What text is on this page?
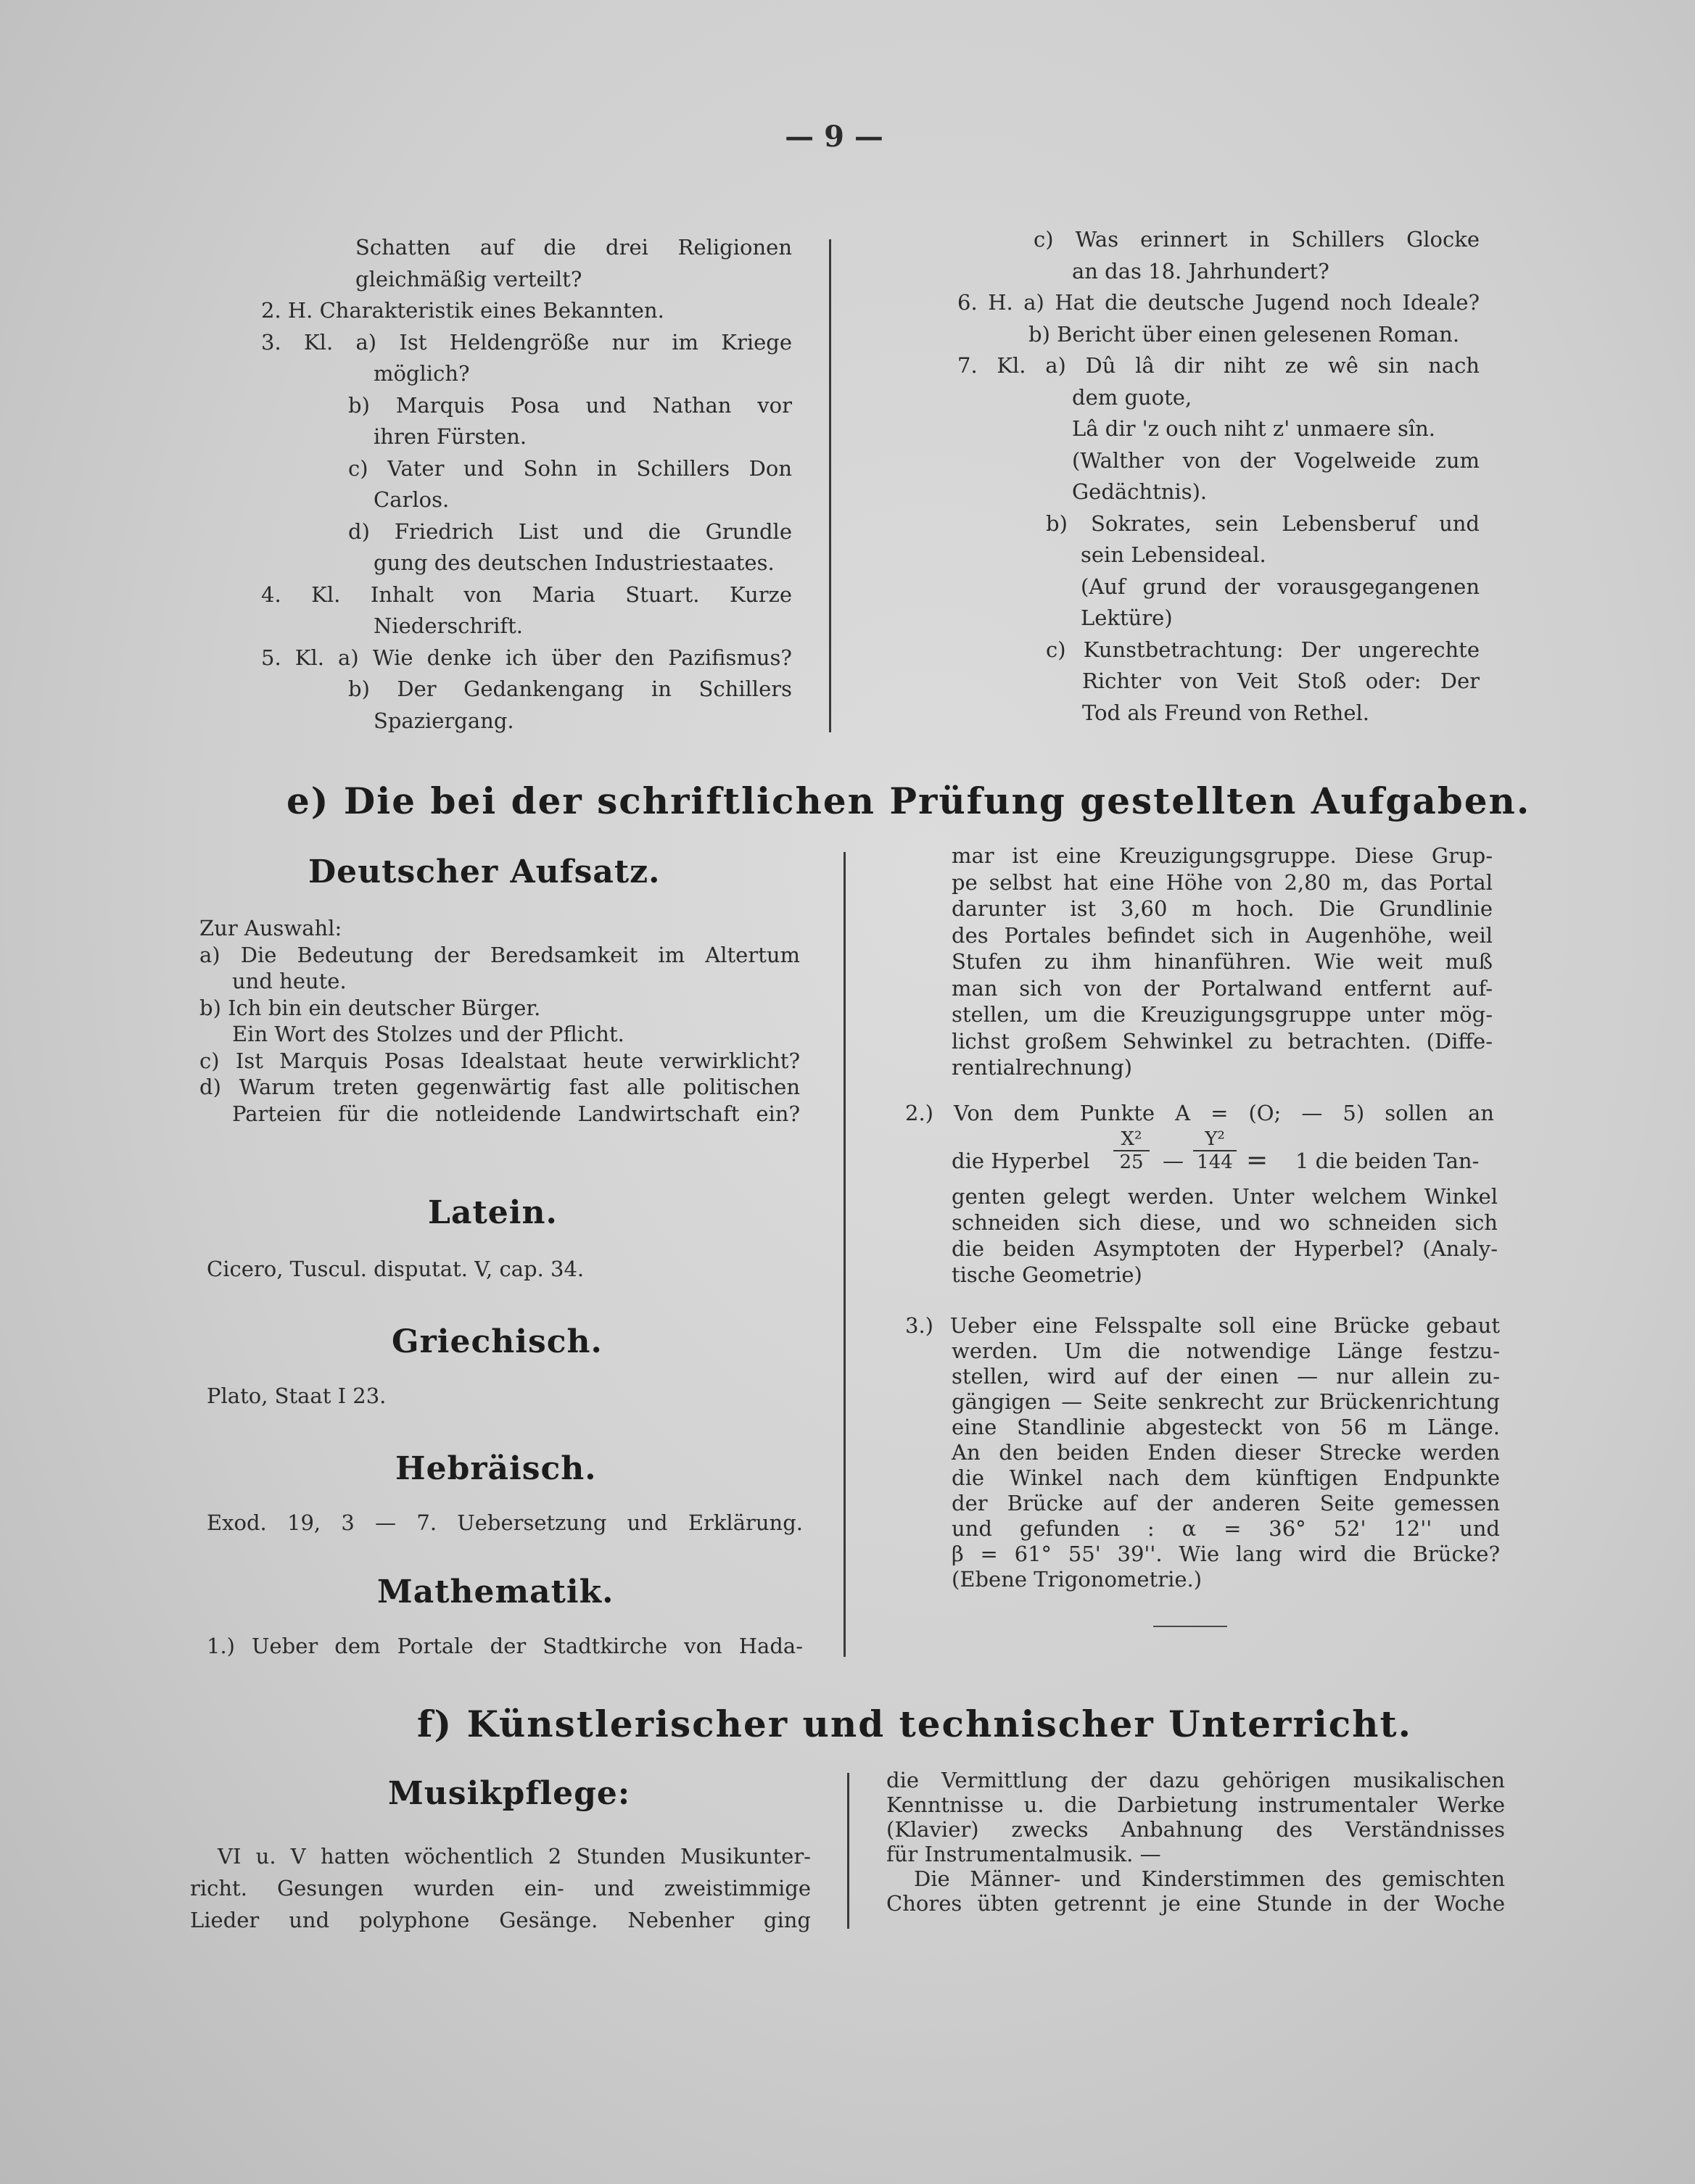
— 9 —
Schatten auf die drei Religionen
gleichmäßig verteilt?
2. H. Charakteristik eines Bekannten.
3. Kl. a) Ist Heldengröße nur im Kriege
möglich?
b) Marquis Posa und Nathan vor
ihren Fürsten.
c) Vater und Sohn in Schillers Don
Carlos.
d) Friedrich List und die Grundle
gung des deutschen Industriestaates.
4. Kl. Inhalt von Maria Stuart. Kurze
Niederschrift.
5. Kl. a) Wie denke ich über den Pazifismus?
b) Der Gedankengang in Schillers
Spaziergang.
c) Was erinnert in Schillers Glocke
an das 18. Jahrhundert?
6. H. a) Hat die deutsche Jugend noch Ideale?
b) Bericht über einen gelesenen Roman.
7. Kl. a) Dû lâ dir niht ze wê sin nach
dem guote,
Lâ dir 'z ouch niht z' unmaere sîn.
(Walther von der Vogelweide zum
Gedächtnis).
b) Sokrates, sein Lebensberuf und
sein Lebensideal.
(Auf grund der vorausgegangenen
Lektüre)
c) Kunstbetrachtung: Der ungerechte
Richter von Veit Stoß oder: Der
Tod als Freund von Rethel.
e) Die bei der schriftlichen Prüfung gestellten Aufgaben.
Deutscher Aufsatz.
Zur Auswahl:
a) Die Bedeutung der Beredsamkeit im Altertum
und heute.
b) Ich bin ein deutscher Bürger.
Ein Wort des Stolzes und der Pflicht.
c) Ist Marquis Posas Idealstaat heute verwirklicht?
d) Warum treten gegenwärtig fast alle politischen
Parteien für die notleidende Landwirtschaft ein?
Latein.
Cicero, Tuscul. disputat. V, cap. 34.
Griechisch.
Plato, Staat I 23.
Hebräisch.
Exod. 19, 3 — 7. Uebersetzung und Erklärung.
Mathematik.
1.) Ueber dem Portale der Stadtkirche von Hada-
mar ist eine Kreuzigungsgruppe. Diese Grup-
pe selbst hat eine Höhe von 2,80 m, das Portal
darunter ist 3,60 m hoch. Die Grundlinie
des Portales befindet sich in Augenhöhe, weil
Stufen zu ihm hinanführen. Wie weit muß
man sich von der Portalwand entfernt auf-
stellen, um die Kreuzigungsgruppe unter mög-
lichst großem Sehwinkel zu betrachten. (Diffe-
rentialrechnung)
2.) Von dem Punkte A = (O; — 5) sollen an
die Hyperbel
X²
25 —
Y²
144 = 1 die beiden Tan-
genten gelegt werden. Unter welchem Winkel
schneiden sich diese, und wo schneiden sich
die beiden Asymptoten der Hyperbel? (Analy-
tische Geometrie)
3.) Ueber eine Felsspalte soll eine Brücke gebaut
werden. Um die notwendige Länge festzu-
stellen, wird auf der einen — nur allein zu-
gängigen — Seite senkrecht zur Brückenrichtung
eine Standlinie abgesteckt von 56 m Länge.
An den beiden Enden dieser Strecke werden
die Winkel nach dem künftigen Endpunkte
der Brücke auf der anderen Seite gemessen
und gefunden : α = 36° 52' 12'' und
β = 61° 55' 39''. Wie lang wird die Brücke?
(Ebene Trigonometrie.)
f) Künstlerischer und technischer Unterricht.
Musikpflege:
VI u. V hatten wöchentlich 2 Stunden Musikunter-
richt. Gesungen wurden ein- und zweistimmige
Lieder und polyphone Gesänge. Nebenher ging
die Vermittlung der dazu gehörigen musikalischen
Kenntnisse u. die Darbietung instrumentaler Werke
(Klavier) zwecks Anbahnung des Verständnisses
für Instrumentalmusik. —
Die Männer- und Kinderstimmen des gemischten
Chores übten getrennt je eine Stunde in der Woche
